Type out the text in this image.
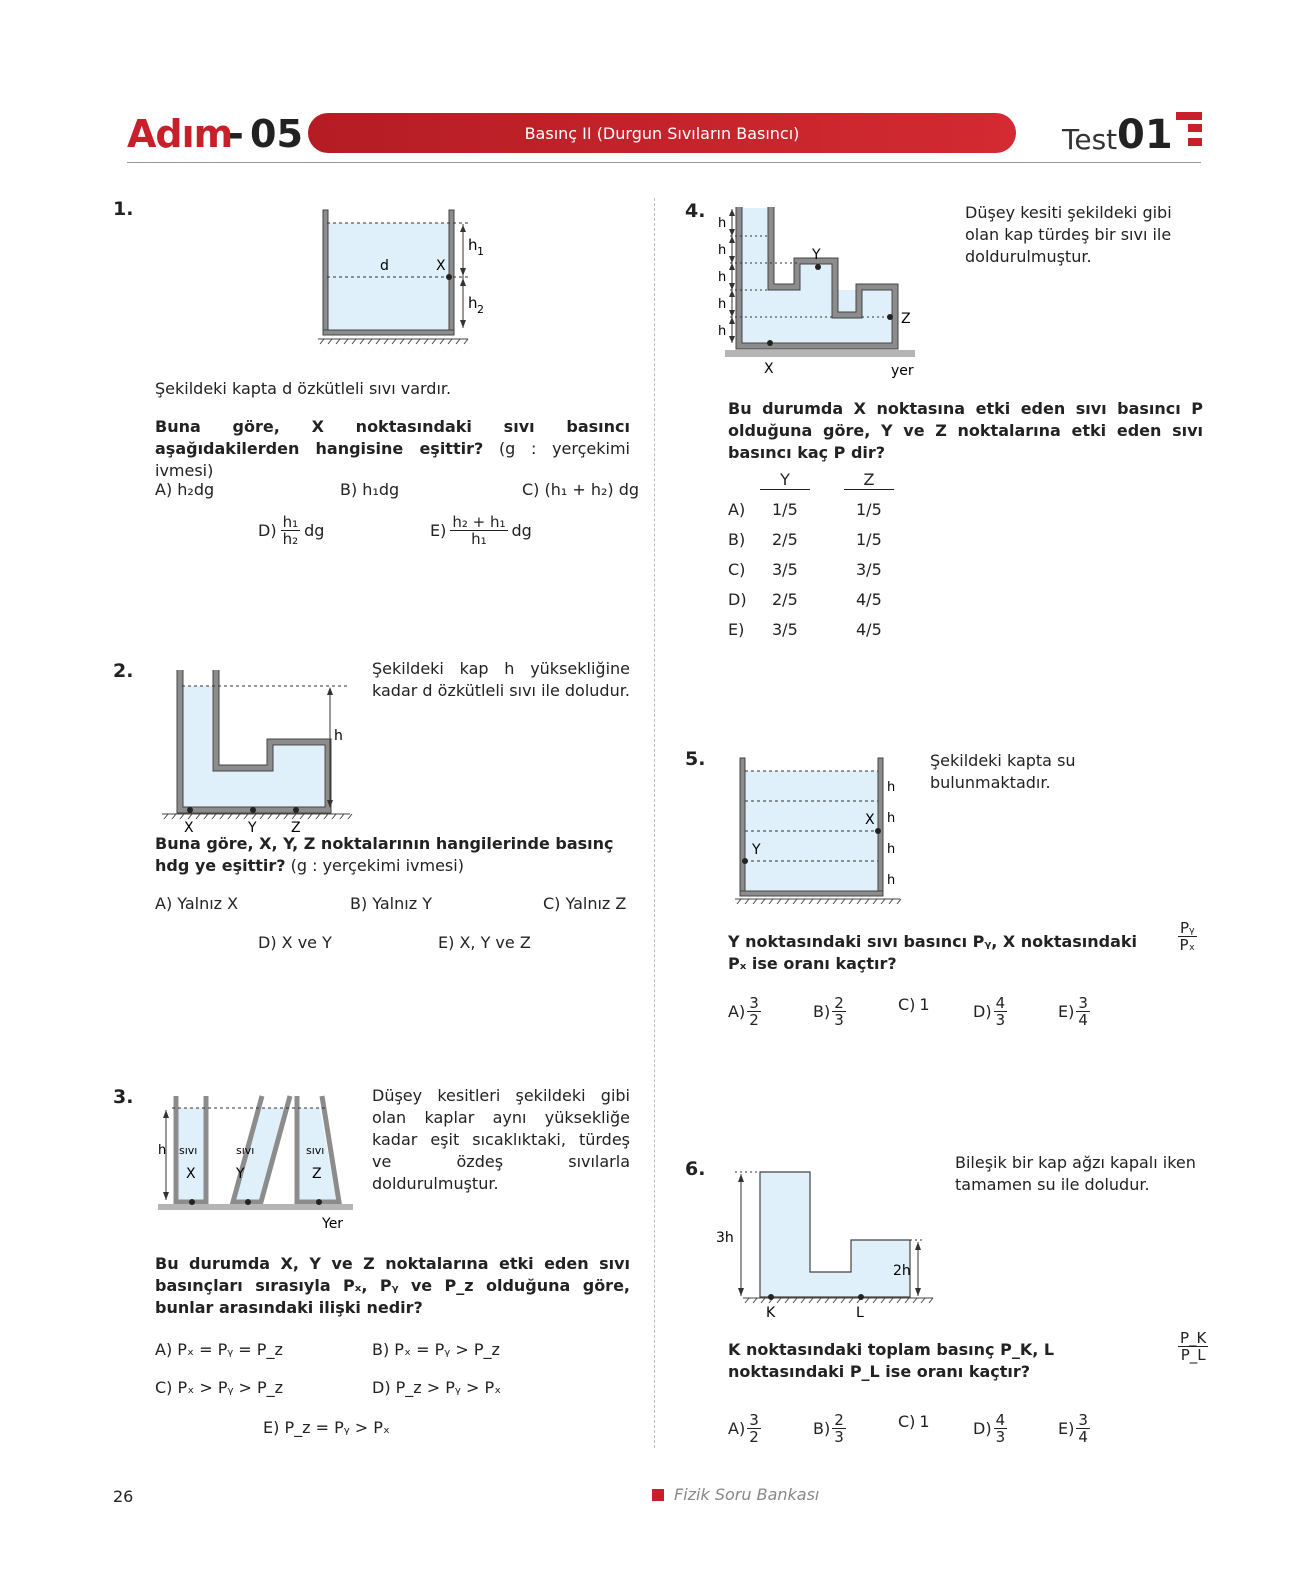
Adım
- 05	Basınç II (Durgun Sıvıların Basıncı)	Test 01
1.
d	X
h 1
h 2
Şekildeki kapta d özkütleli sıvı vardır.
Buna göre, X noktasındaki sıvı basıncı aşağıdakilerden hangisine eşittir? (g : yerçekimi ivmesi)
A) h₂dg	B) h₁dg	C) (h₁ + h₂) dg
$D) \frac{\text{h₁}}{\text{h₂}}$ dg	$E) \frac{\text{h₂ + h₁}}{\text{h₁}}$ dg
2.
h
X	Y Z
Şekildeki kap h yüksekliğine kadar d özkütleli sıvı ile doludur.
Buna göre, X, Y, Z noktalarının hangilerinde basınç hdg ye eşittir? (g : yerçekimi ivmesi)
A) Yalnız X	B) Yalnız Y	C) Yalnız Z
D) X ve Y	E) X, Y ve Z
3.
h sıvı
X
sıvı
Y
sıvı
Z
Yer
Düşey kesitleri şekildeki gibi olan kaplar aynı yüksekliğe kadar eşit sıcaklıktaki, türdeş ve özdeş sıvılarla doldurulmuştur.
Bu durumda X, Y ve Z noktalarına etki eden sıvı basınçları sırasıyla Pₓ, Pᵧ ve P_z olduğuna göre, bunlar arasındaki ilişki nedir?
A) Pₓ = Pᵧ = P_z	B) Pₓ = Pᵧ > P_z
C) Pₓ > Pᵧ > P_z	D) P_z > Pᵧ > Pₓ
E) P_z = Pᵧ > Pₓ
4.
h
h
h
h
h
Y
Z
X	yer
Düşey kesiti şekildeki gibi olan kap türdeş bir sıvı ile doldurulmuştur.
Bu durumda X noktasına etki eden sıvı basıncı P olduğuna göre, Y ve Z noktalarına etki eden sıvı basıncı kaç P dir?
Y	Z
A) 1/5	1/5
B) 2/5	1/5
C) 3/5	3/5
D) 2/5	4/5
E) 3/5	4/5
5.
h
h
h
h
X
Y
Şekildeki kapta su bulunmaktadır.
Y noktasındaki sıvı basıncı Pᵧ, X noktasındaki Pₓ ise oranı kaçtır?
$\frac{\text{Pᵧ}}{\text{Pₓ}}$
$A) \frac{3}{2}$	$B) \frac{2}{3}$	C) 1	$D) \frac{4}{3}$	$E) \frac{3}{4}$
6.
3h
2h
K	L
Bileşik bir kap ağzı kapalı iken tamamen su ile doludur.
K noktasındaki toplam basınç P_K, L noktasındaki P_L ise oranı kaçtır?
$\frac{P\_K}{P\_L}$
$A) \frac{3}{2}$	$B) \frac{2}{3}$	C) 1	$D) \frac{4}{3}$	$E) \frac{3}{4}$
26	Fizik Soru Bankası
